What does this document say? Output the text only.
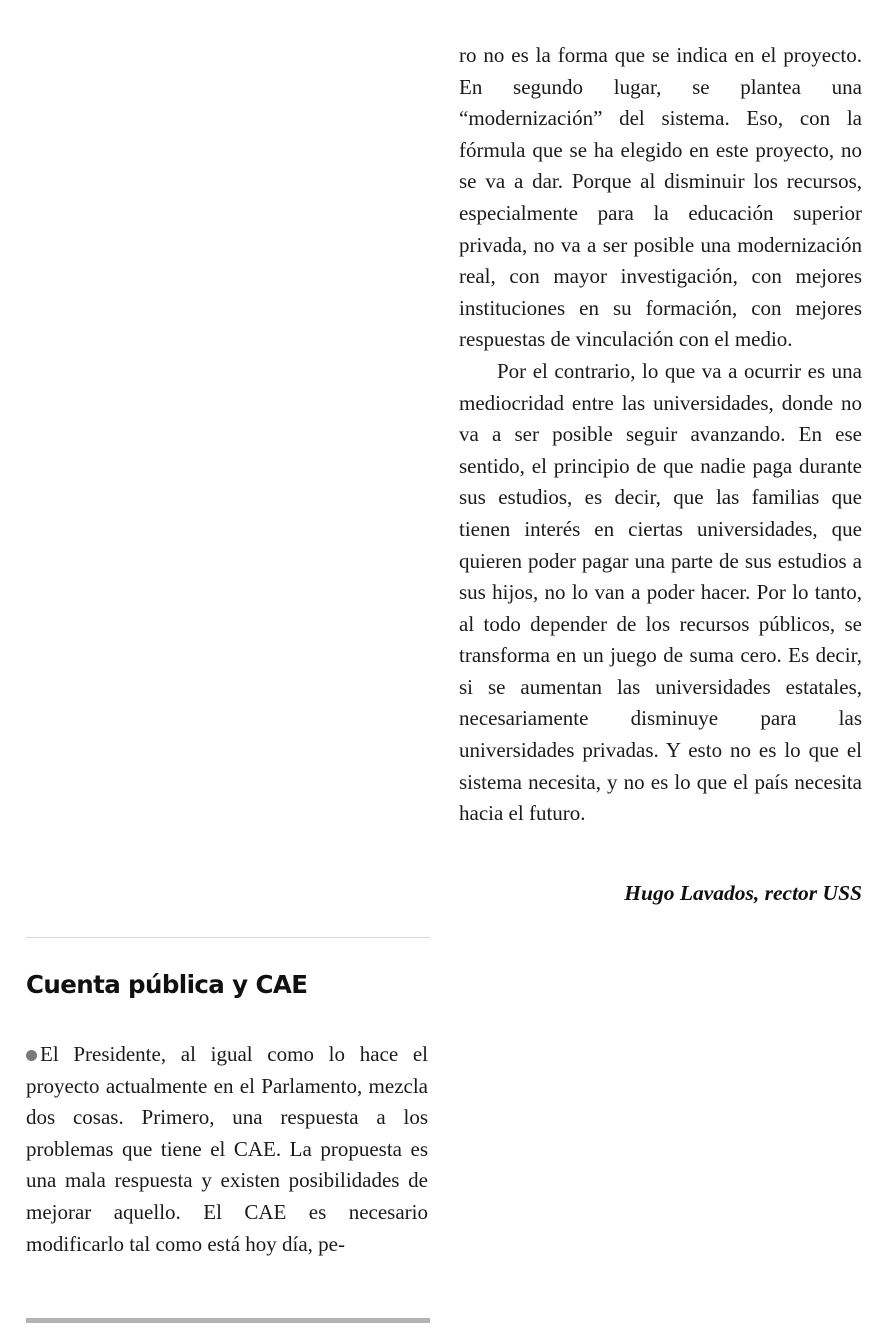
Cuenta pública y CAE

El Presidente, al igual como lo hace el proyecto actualmente en el Parlamento, mezcla dos cosas. Primero, una respuesta a los problemas que tiene el CAE. La propuesta es una mala respuesta y existen posibilidades de mejorar aquello. El CAE es necesario modificarlo tal como está hoy día, pe-

ro no es la forma que se indica en el proyecto. En segundo lugar, se plantea una “modernización” del sistema. Eso, con la fórmula que se ha elegido en este proyecto, no se va a dar. Porque al disminuir los recursos, especialmente para la educación superior privada, no va a ser posible una modernización real, con mayor investigación, con mejores instituciones en su formación, con mejores respuestas de vinculación con el medio.

Por el contrario, lo que va a ocurrir es una mediocridad entre las universidades, donde no va a ser posible seguir avanzando. En ese sentido, el principio de que nadie paga durante sus estudios, es decir, que las familias que tienen interés en ciertas universidades, que quieren poder pagar una parte de sus estudios a sus hijos, no lo van a poder hacer. Por lo tanto, al todo depender de los recursos públicos, se transforma en un juego de suma cero. Es decir, si se aumentan las universidades estatales, necesariamente disminuye para las universidades privadas. Y esto no es lo que el sistema necesita, y no es lo que el país necesita hacia el futuro.

Hugo Lavados, rector USS
